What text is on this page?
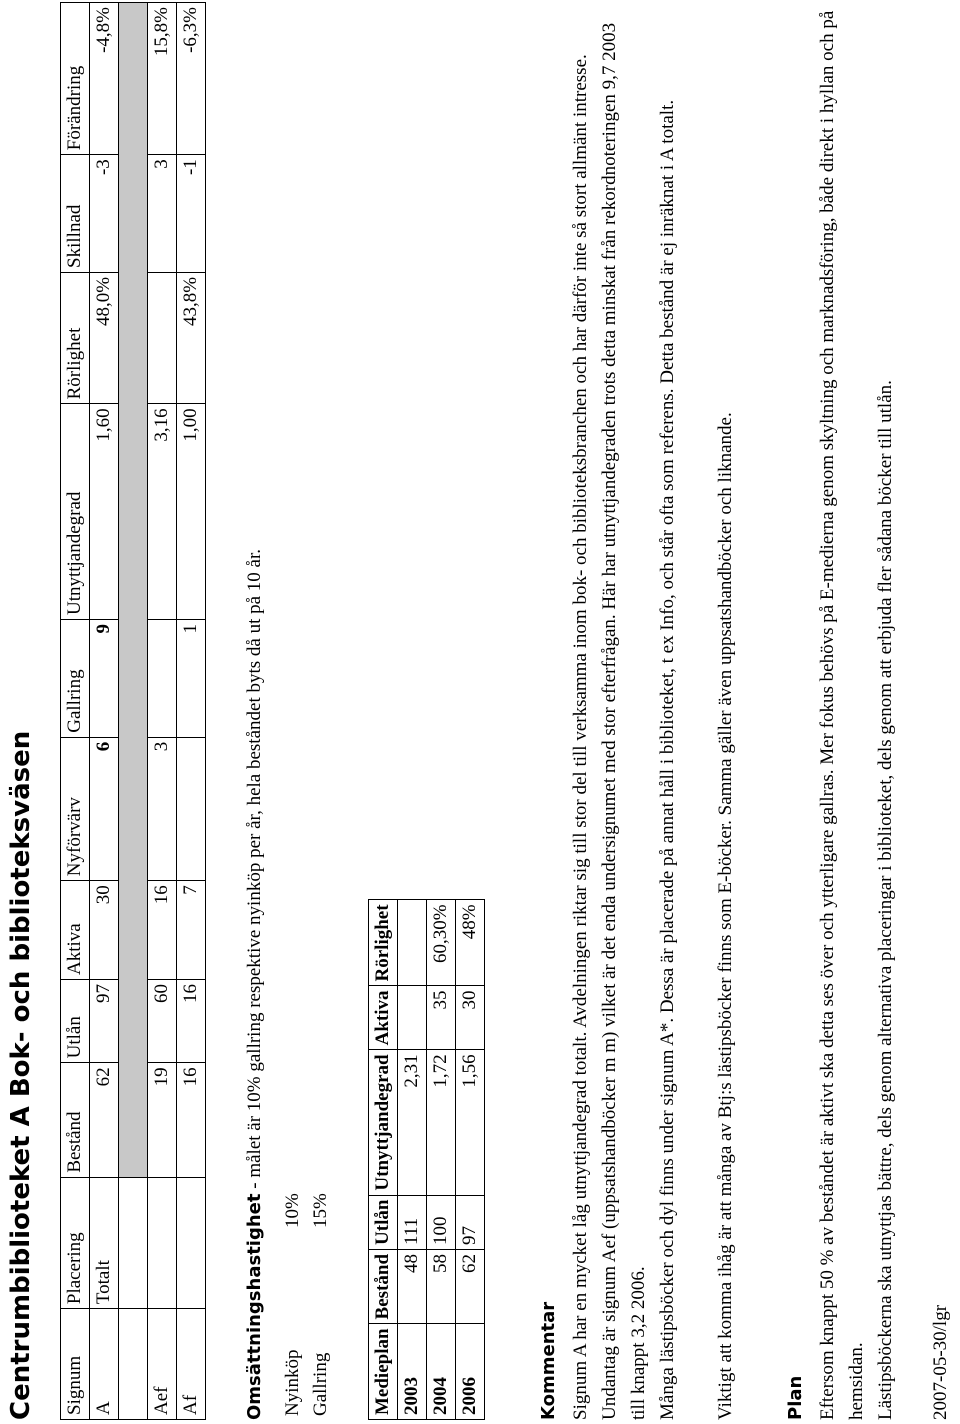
Centrumbiblioteket A Bok- och biblioteksväsen Signum	Placering	Bestånd	Utlån	Aktiva	Nyförvärv	Gallring	Utnyttjandegrad	Rörlighet	Skillnad	Förändring
A	Totalt	62	97	30	6	9	1,60	48,0%	-3	-4,8%

Aef		19	60	16	3		3,16		3	15,8%
Af		16	16	7		1	1,00	43,8%	-1	-6,3%
Omsättningshastighet - målet är 10% gallring respektive nyinköp per år, hela beståndet byts då ut på 10 år.
Nyinköp
10%
Gallring
15%
Medieplan	Bestånd	Utlån	Utnyttjandegrad	Aktiva	Rörlighet
2003	48	111	2,31		
2004	58	100	1,72	35	60,30%
2006	62	97	1,56	30	48%
Kommentar Signum A har en mycket låg utnyttjandegrad totalt. Avdelningen riktar sig till stor del till verksamma inom bok- och biblioteksbranchen och har därför inte så stort allmänt intresse. Undantag är signum Aef (uppsatshandböcker m m) vilket är det enda undersignumet med stor efterfrågan. Här har utnyttjandegraden trots detta minskat från rekordnoteringen 9,7 2003 till knappt 3,2 2006. Många lästipsböcker och dyl finns under signum A*. Dessa är placerade på annat håll i biblioteket, t ex Info, och står ofta som referens. Detta bestånd är ej inräknat i A totalt. Viktigt att komma ihåg är att många av Btj:s lästipsböcker finns som E-böcker. Samma gäller även uppsatshandböcker och liknande.	Plan Eftersom knappt 50 % av beståndet är aktivt ska detta ses över och ytterligare gallras. Mer fokus behövs på E-medierna genom skyltning och marknadsföring, både direkt i hyllan och på hemsidan. Lästipsböckerna ska utnyttjas bättre, dels genom alternativa placeringar i biblioteket, dels genom att erbjuda fler sådana böcker till utlån. 2007-05-30/lgr
